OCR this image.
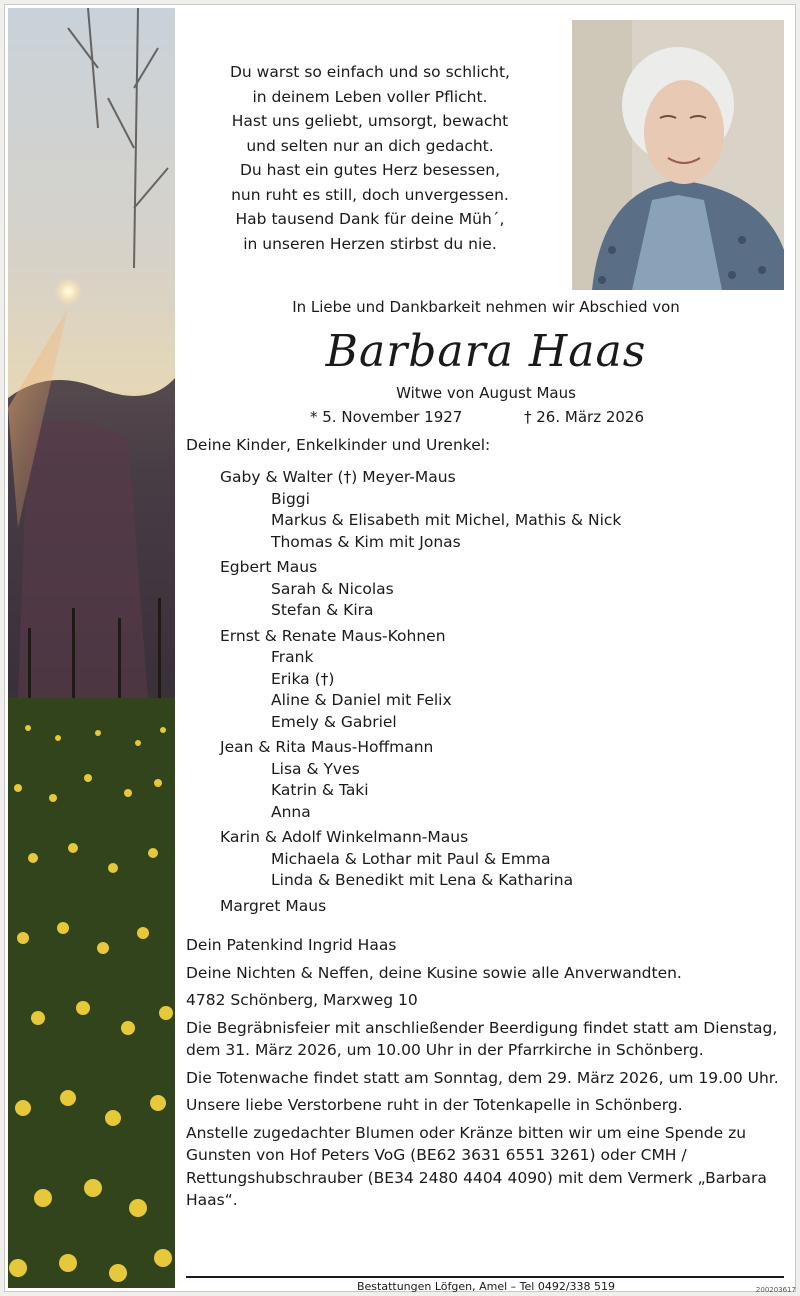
Du warst so einfach und so schlicht,
in deinem Leben voller Pflicht.
Hast uns geliebt, umsorgt, bewacht
und selten nur an dich gedacht.
Du hast ein gutes Herz besessen,
nun ruht es still, doch unvergessen.
Hab tausend Dank für deine Müh´,
in unseren Herzen stirbst du nie.
In Liebe und Dankbarkeit nehmen wir Abschied von
Barbara Haas
Witwe von August Maus
* 5. November 1927	† 26. März 2026
Deine Kinder, Enkelkinder und Urenkel:
Gaby & Walter (†) Meyer-Maus
Biggi
Markus & Elisabeth mit Michel, Mathis & Nick
Thomas & Kim mit Jonas
Egbert Maus
Sarah & Nicolas
Stefan & Kira
Ernst & Renate Maus-Kohnen
Frank
Erika (†)
Aline & Daniel mit Felix
Emely & Gabriel
Jean & Rita Maus-Hoffmann
Lisa & Yves
Katrin & Taki
Anna
Karin & Adolf Winkelmann-Maus
Michaela & Lothar mit Paul & Emma
Linda & Benedikt mit Lena & Katharina
Margret Maus

Dein Patenkind Ingrid Haas

Deine Nichten & Neffen, deine Kusine sowie alle Anverwandten.

4782 Schönberg, Marxweg 10

Die Begräbnisfeier mit anschließender Beerdigung findet statt am Dienstag, dem 31. März 2026, um 10.00 Uhr in der Pfarrkirche in Schönberg.

Die Totenwache findet statt am Sonntag, dem 29. März 2026, um 19.00 Uhr.

Unsere liebe Verstorbene ruht in der Totenkapelle in Schönberg.

Anstelle zugedachter Blumen oder Kränze bitten wir um eine Spende zu Gunsten von Hof Peters VoG (BE62 3631 6551 3261) oder CMH / Rettungshubschrauber (BE34 2480 4404 4090) mit dem Vermerk „Barbara Haas“.

Bestattungen Löfgen, Amel – Tel 0492/338 519	200203617
